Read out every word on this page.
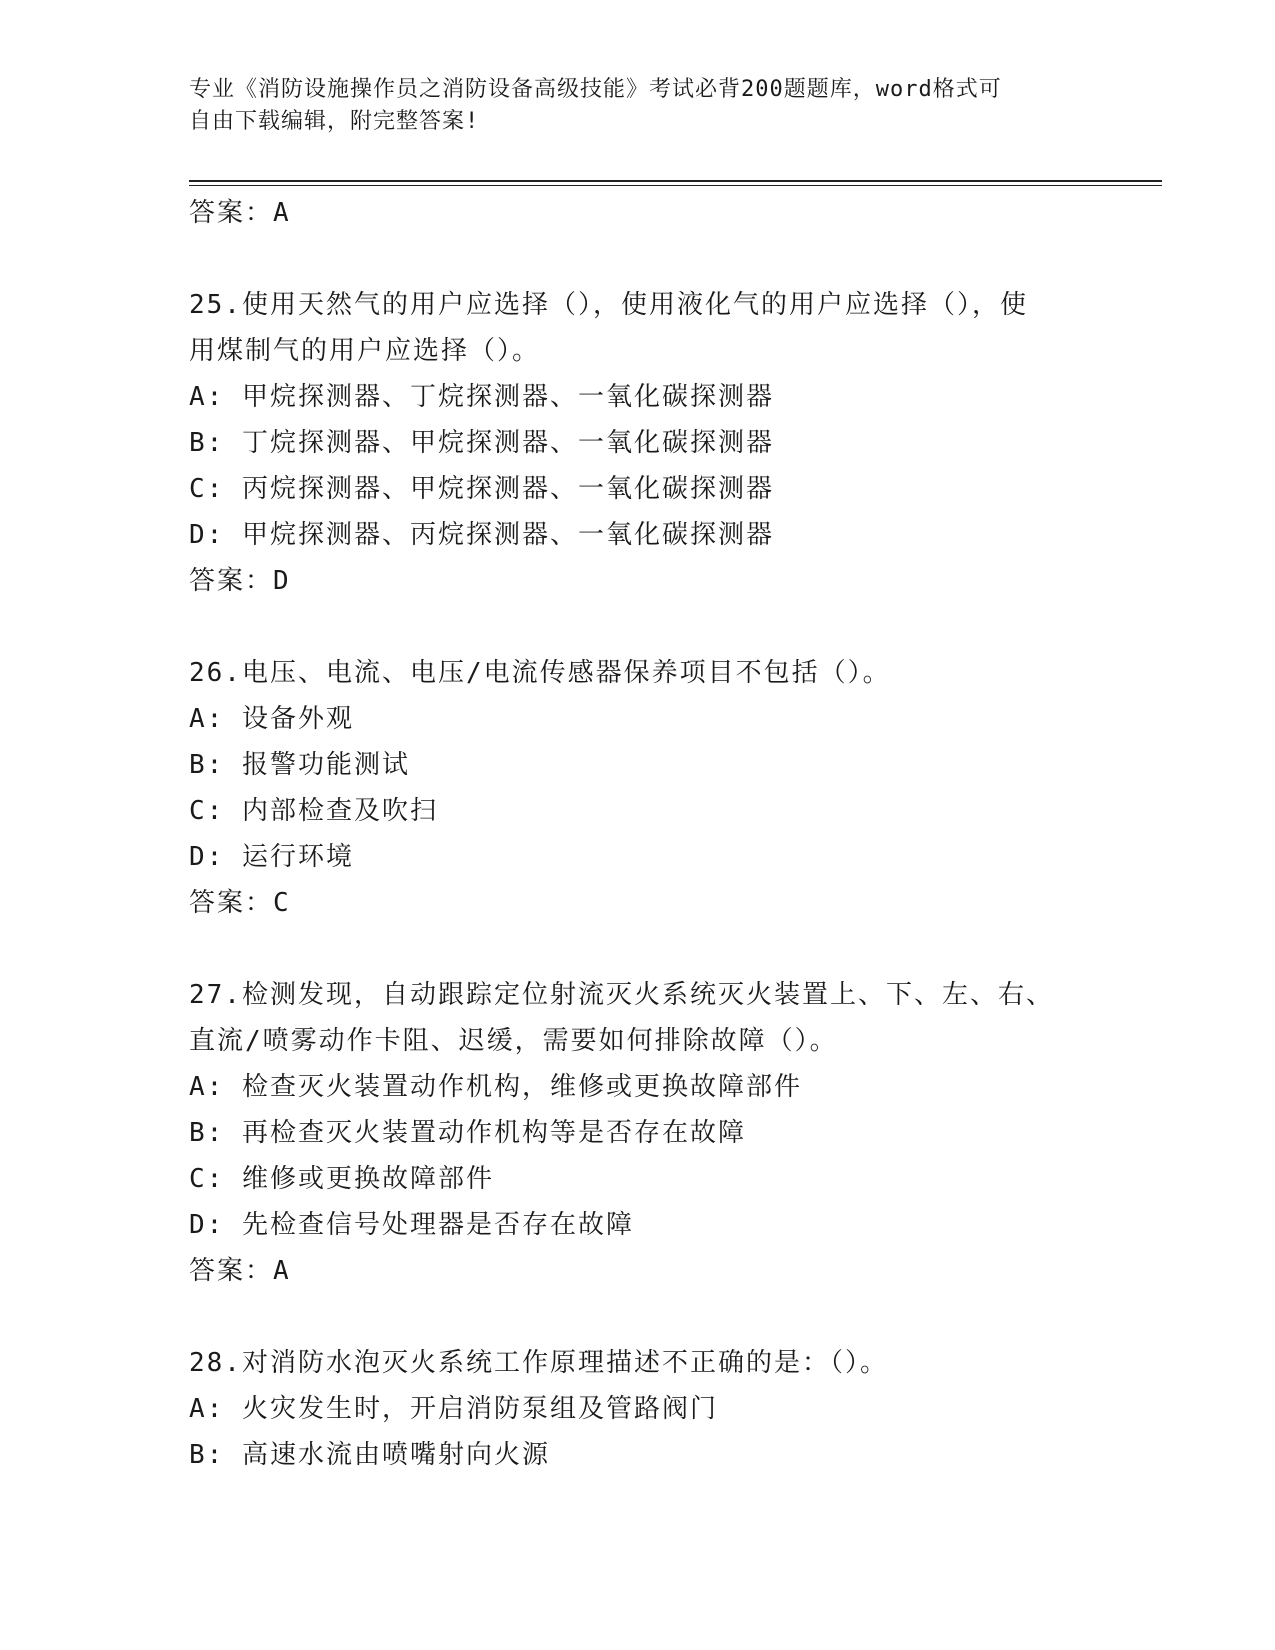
专业《消防设施操作员之消防设备高级技能》考试必背200题题库，word格式可
自由下载编辑，附完整答案!
答案：A
25.使用天然气的用户应选择（），使用液化气的用户应选择（），使
用煤制气的用户应选择（）。
A: 甲烷探测器、丁烷探测器、一氧化碳探测器
B: 丁烷探测器、甲烷探测器、一氧化碳探测器
C: 丙烷探测器、甲烷探测器、一氧化碳探测器
D: 甲烷探测器、丙烷探测器、一氧化碳探测器
答案：D
26.电压、电流、电压/电流传感器保养项目不包括（）。
A: 设备外观
B: 报警功能测试
C: 内部检查及吹扫
D: 运行环境
答案：C
27.检测发现，自动跟踪定位射流灭火系统灭火装置上、下、左、右、
直流/喷雾动作卡阻、迟缓，需要如何排除故障（）。
A: 检查灭火装置动作机构，维修或更换故障部件
B: 再检查灭火装置动作机构等是否存在故障
C: 维修或更换故障部件
D: 先检查信号处理器是否存在故障
答案：A
28.对消防水泡灭火系统工作原理描述不正确的是：（）。
A: 火灾发生时，开启消防泵组及管路阀门
B: 高速水流由喷嘴射向火源
